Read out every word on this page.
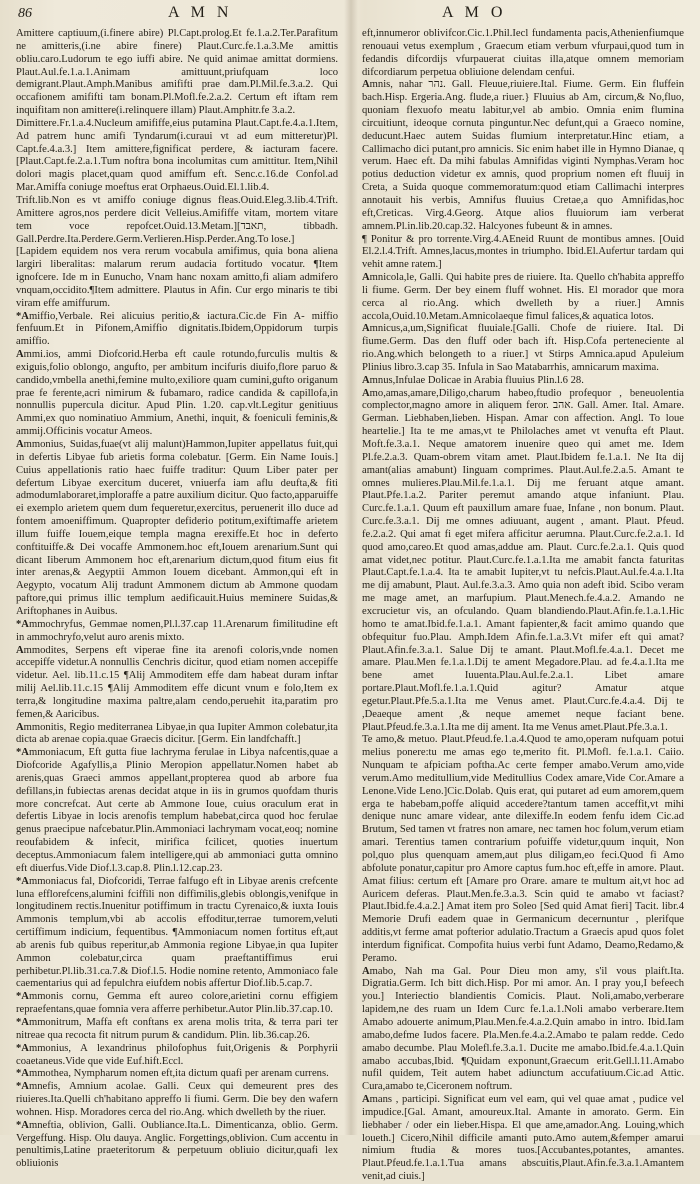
86	A M N	A M O

Amittere captiuum,(i.finere abire) Pl.Capt.prolog.Et fe.1.a.2.Ter.Parafitum ne amitteris,(i.ne abire finere) Plaut.Curc.fe.1.a.3.Me amittis obliu.caro.Ludorum te ego iuffi abire. Ne quid animae amittat dormiens. Plaut.Aul.fe.1.a.1.Animam amittuunt,priufquam loco demigrant.Plaut.Amph.Manibus amififti prae dam.Pl.Mil.fe.3.a.2. Qui occafionem amififti tam bonam.Pl.Mofl.fe.2.a.2. Certum eft iftam rem inquifitam non amittere(i.relinquere illam) Plaut.Amphitr.fe 3.a.2.

Dimittere.Fr.1.a.4.Nucleum amififfe,eius putamina Plaut.Capt.fe.4.a.1.Item, Ad patrem hunc amifi Tyndarum(i.curaui vt ad eum mitteretur)Pl. Capt.fe.4.a.3.] Item amittere,fignificat perdere, & iacturam facere. [Plaut.Capt.fe.2.a.1.Tum noftra bona incolumitas cum amittitur. Item,Nihil dolori magis placet,quam quod amiffum eft. Senc.c.16.de Confol.ad Mar.Amiffa coniuge moeftus erat Orphaeus.Ouid.El.1.lib.4.

Trift.lib.Non es vt amiffo coniuge dignus fleas.Ouid.Eleg.3.lib.4.Trift. Amittere agros,nos perdere dicit Velleius.Amififfe vitam, mortem vitare tem voce repofcet.Ouid.13.Metam.][תאבד, tibbadh. Gall.Perdre.Ita.Perdere.Germ.Verlieren.Hisp.Perder.Ang.To lose.]

[Lapidem equidem nos vera rerum vocabula amifimus, quia bona aliena largiri liberalitas: malarum rerum audacia fortitudo vocatur. ¶Item ignofcere. Ide m in Eunucho, Vnam hanc noxam amitto,fi aliam admifero vnquam,occidito.¶Item admittere. Plautus in Afin. Cur ergo minaris te tibi viram effe amiffurum.

*Amiffio,Verbale. Rei alicuius peritio,& iactura.Cic.de Fin A- miffio fenfuum.Et in Pifonem,Amiffio dignitatis.Ibidem,Oppidorum turpis amiffio.

Ammi.ios, ammi Diofcorid.Herba eft caule rotundo,furculis multis & exiguis,folio oblongo, angufto, per ambitum incifuris diuifo,flore paruo & candido,vmbella anethi,femine multo,exiliore quam cumini,gufto origanum prae fe ferente,acri nimirum & fubamaro, radice candida & capillofa,in nonnullis pupercula dicitur. Apud Plin. 1.20. cap.vlt.Legitur genitiuus Ammi,ex quo nominatiuo Ammium, Anethi, inquit, & foeniculi feminis,& ammij.Officinis vocatur Ameos.

Ammonius, Suidas,fuae(vt alij malunt)Hammon,Iupiter appellatus fuit,qui in defertis Libyae fub arietis forma colebatur. [Germ. Ein Name Iouis.] Cuius appellationis ratio haec fuiffe traditur: Quum Liber pater per defertum Libyae exercitum duceret, vniuerfa iam aflu deufta,& fiti admodumlaboraret,imploraffe a patre auxilium dicitur. Quo facto,apparuiffe ei exemplo arietem quem dum fequeretur,exercitus, peruenerit illo duce ad fontem amoeniffimum. Quapropter defiderio potitum,exiftimaffe arietem illum fuiffe Iouem,eique templa magna erexiffe.Et hoc in deferto conftituiffe.& Dei vocaffe Ammonem.hoc eft,Iouem arenarium.Sunt qui dicant Iiberum Ammonem hoc eft,arenarium dictum,quod fitum eius fit inter arenas,& Aegyptii Ammon Iouem dicebant. Ammon,qui eft in Aegypto, vocatum Alij tradunt Ammonem dictum ab Ammone quodam paftore,qui primus illic templum aedificauit.Huius meminere Suidas,& Ariftophanes in Auibus.

*Ammochryfus, Gemmae nomen,Pl.l.37.cap 11.Arenarum fimilitudine eft in ammochryfo,velut auro arenis mixto.

Ammodites, Serpens eft viperae fine ita arenofi coloris,vnde nomen accepiffe videtur.A nonnullis Cenchris dicitur, quod etiam nomen accepiffe videtur. Ael. lib.11.c.15 ¶Alij Ammoditem effe dam habeat duram inftar milij Ael.lib.11.c.15 ¶Alij Ammoditem effe dicunt vnum e folo,Item ex terra,& longitudine maxima paltre,alam cendo,peruehit ita,paratim pro femen,& Aaricibus.

Ammonitis, Regio mediterranea Libyae,in qua Iupiter Ammon colebatur,ita dicta ab arenae copia.quae Graecis dicitur. [Germ. Ein landfchafft.]

*Ammoniacum, Eft gutta fiue lachryma ferulae in Libya nafcentis,quae a Diofcoride Agafyllis,a Plinio Meropion appellatur.Nomen habet ab arenis,quas Graeci ammos appellant,propterea quod ab arbore fua defillans,in fubiectas arenas decidat atque in iis in grumos quofdam thuris more concrefcat. Aut certe ab Ammone Ioue, cuius oraculum erat in defertis Libyae in locis arenofis templum habebat,circa quod hoc ferulae genus praecipue nafcebatur.Plin.Ammoniaci lachrymam vocat,eoq; nomine reoufabidem & infecit, mirifica fcilicet, quoties inuertum deceptus.Ammoniacum falem intelligere,qui ab ammoniaci gutta omnino eft diuerfus.Vide Diof.l.3.cap.8. Plin.l.12.cap.23.

*Ammoniacus fal, Diofcoridi, Terrae falfugo eft in Libyae arenis crefcente luna efflorefcens,alumini fciffili non diffimilis,glebis oblongis,venifque in longitudinem rectis.Inuenitur potiffimum in tractu Cyrenaico,& iuxta Iouis Ammonis templum,vbi ab accolis effoditur,terrae tumorem,veluti certiffimum indicium, fequentibus. ¶Ammoniacum nomen fortitus eft,aut ab arenis fub quibus reperitur,ab Ammonia regione Libyae,in qua Iupiter Ammon colebatur,circa quam praeftantiffimus erui perhibetur.Pl.lib.31.ca.7.& Diof.l.5. Hodie nomine retento, Ammoniaco fale caementarius qui ad fepulchra eiufdem nobis affertur Diof.lib.5.cap.7.

*Ammonis cornu, Gemma eft aureo colore,arietini cornu effigiem repraefentans,quae fomnia vera afferre perhibetur.Autor Plin.lib.37.cap.10.

*Ammonitrum, Maffa eft conftans ex arena molis trita, & terra pari ter nitreae qua recocta fit nitrum purum & candidum. Plin. lib.36.cap.26.

*Ammonius, A lexandrinus philofophus fuit,Origenis & Porphyrii coaetaneus.Vide que vide Euf.hift.Eccl.

*Ammothea, Nympharum nomen eft,ita dictum quafi per arenam currens.

*Amnefis, Amnium acolae. Galli. Ceux qui demeurent pres des riuieres.Ita.Quelli ch'habitano appreffo li fiumi. Germ. Die bey den wafern wohnen. Hisp. Moradores cerca del rio.Ang. which dwelleth by the riuer.

*Amneftia, oblivion, Galli. Oubliance.Ita.L. Dimenticanza, oblio. Germ. Vergeffung. Hisp. Olu dauya. Anglic. Forgettings,oblivion. Cum accentu in penultimis,Latine praeteritorum & perpetuum obliuio dicitur,quafi lex obliuionis

eft,innumeror oblivifcor.Cic.1.Phil.Iecl fundamenta pacis,Athenienfiumque renouaui vetus exemplum , Graecum etiam verbum vfurpaui,quod tum in fedandis difcordijs vfurpauerat ciuitas illa,atque omnem memoriam difcordiarum perpetua obliuione delendam cenfui.

Amnis, nahar נהר. Gall. Fleuue,riuiere.Ital. Fiume. Germ. Ein fluffein bach.Hisp. Ergeria.Ang. flude,a riuer.} Fluuius ab Am, circum,& No,fluo, quoniam flexuofo meatu labitur,vel ab ambio. Omnia enim flumina circuitiunt, ideoque cornuta pinguntur.Nec defunt,qui a Graeco nomine, deducunt.Haec autem Suidas flumium interpretatur.Hinc etiam, a Callimacho dici putant,pro amnicis. Sic enim habet ille in Hymno Dianae, q verum. Haec eft. Da mihi fabulas Amnifidas viginti Nymphas.Veram hoc potius deduction videtur ex amnis, quod proprium nomen eft fluuij in Creta, a Suida quoque commemoratum:quod etiam Callimachi interpres annotauit his verbis, Amnifus fluuius Cretae,a quo Amnifidas,hoc eft,Creticas. Virg.4.Georg. Atque alios fluuiorum iam verberat amnem.Pl.in.lib.20.cap.32. Halcyones fubeunt & in amnes.

¶ Ponitur & pro torrente.Virg.4.AEneid Ruunt de montibus amnes. [Ouid El.2.l.4.Trift. Amnes,lacus,montes in triumpho. Ibid.El.Aufertur tardam qui vehit amne ratem.]

Amnicola,le, Galli. Qui habite pres de riuiere. Ita. Quello ch'habita appreffo li fiume. Germ. Der bey einem fluff wohnet. His. El morador que mora cerca al rio.Ang. which dwelleth by a riuer.] Amnis accola,Ouid.10.Metam.Amnicolaeque fimul falices,& aquatica lotos.

Amnicus,a,um,Significat fluuiale.[Galli. Chofe de riuiere. Ital. Di fiume.Germ. Das den fluff oder bach ift. Hisp.Cofa perteneciente al rio.Ang.which belongeth to a riuer.] vt Stirps Amnica.apud Apuleium Plinius libro.3.cap 35. Infula in Sao Matabarrhis, amnicarum maxima.

Amnus,Infulae Dolicae in Arabia fluuius Plin.l.6 28.

Amo,amas,amare,Diligo,charum habeo,ftudio profequor , beneuolentia complector,magno amore in aliquem feror. אהב. Gall. Amer. Ital. Amare. German. Liebhaben,lieben. Hispan. Amar con affection. Angl. To loue heartelie.] Ita te me amas,vt te Philolaches amet vt venufta eft Plaut. Moft.fe.3.a.1. Neque amatorem inuenire queo qui amet me. Idem Pl.fe.2.a.3. Quam-obrem vitam amet. Plaut.Ibidem fe.1.a.1. Ne Ita dij amant(alias amabunt) Iinguam comprimes. Plaut.Aul.fe.2.a.5. Amant te omnes mulieres.Plau.Mil.fe.1.a.1. Dij me feruant atque amant. Plaut.Pfe.1.a.2. Pariter peremut amando atque infaniunt. Plau. Curc.fe.1.a.1. Quum eft pauxillum amare fuae, Infane , non bonum. Plaut. Curc.fe.3.a.1. Dij me omnes adiuuant, augent , amant. Plaut. Pfeud. fe.2.a.2. Qui amat fi eget mifera afficitur aerumna. Plaut.Curc.fe.2.a.1. Id quod amo,careo.Et quod amas,addue am. Plaut. Curc.fe.2.a.1. Quis quod amat videt,nec potitur. Plaut.Curc.fe.1.a.1.Ita me amabit fancta faturitas Plaut.Capt.fe.1.a.4. Ita te amabit Iupiter,vt tu nefcis.Plaut.Aul.fe.4.a.1.Ita me dij amabunt, Plaut. Aul.fe.3.a.3. Amo quia non adeft ibid. Scibo veram me mage amet, an marfupium. Plaut.Menech.fe.4.a.2. Amando ne excrucietur vis, an ofculando. Quam blandiendo.Plaut.Afin.fe.1.a.1.Hic homo te amat.Ibid.fe.1.a.1. Amant fapienter,& facit amimo quando que obfequitur fuo.Plau. Amph.Idem Afin.fe.1.a.3.Vt mifer eft qui amat? Plaut.Afin.fe.3.a.1. Salue Dij te amant. Plaut.Mofl.fe.4.a.1. Decet me amare. Plau.Men fe.1.a.1.Dij te ament Megadore.Plau. ad fe.4.a.1.Ita me bene amet Iuuenta.Plau.Aul.fe.2.a.1. Libet amare portare.Plaut.Mofl.fe.1.a.1.Quid agitur? Amatur atque egetur.Plaut.Pfe.5.a.1.Ita me Venus amet. Plaut.Curc.fe.4.a.4. Dij te ,Deaeque ament ,& neque amemet neque faciant bene. Plaut.Pfeud.fe.3.a.1.Ita me dij ament. Ita me Venus amet.Plaut.Pfe.3.a.1.

Te amo,& metuo. Plaut.Pfeud.fe.1.a.4.Quod te amo,operam nufquam potui melius ponere:tu me amas ego te,merito fit. Pl.Mofl. fe.1.a.1. Caiio. Nunquam te afpiciam poftha.Ac certe femper amabo.Verum amo,vide verum.Amo meditullium,vide Meditullius Codex amare,Vide Cor.Amare a Lenone.Vide Leno.]Cic.Dolab. Quis erat, qui putaret ad eum amorem,quem erga te habebam,poffe aliquid accedere?tantum tamen acceffit,vt mihi denique nunc amare videar, ante dilexiffe.In eodem fenfu idem Cic.ad Brutum, Sed tamen vt fratres non amare, nec tamen hoc folum,verum etiam amari. Terentius tamen contrarium pofuiffe videtur,quum inquit, Non pol,quo plus quenquam amem,aut plus diligam,eo feci.Quod fi Amo abfolute ponatur,capitur pro Amore captus fum.hoc eft,effe in amore. Plaut. Amat filius: certum eft [Amare pro Orare. amare te multum ait,vt hoc ad Auricem deferas. Plaut.Men.fe.3.a.3. Scin quid te amabo vt faciast? Plaut.Ibid.fe.4.a.2.] Amat item pro Soleo [Sed quid Amat fieri] Tacit. libr.4 Memorie Drufi eadem quae in Germanicum decernuntur , plerifque additis,vt ferme amat pofterior adulatio.Tractum a Graecis apud quos folet interdum fignificat. Compofita huius verbi funt Adamo, Deamo,Redamo,& Peramo.

Amabo, Nah ma Gal. Pour Dieu mon amy, s'il vous plaift.Ita. Digratia.Germ. Ich bitt dich.Hisp. Por mi amor. An. I pray you,I befeech you.] Interiectio blandientis Comicis. Plaut. Noli,amabo,verberare lapidem,ne des ruam un Idem Curc fe.1.a.1.Noli amabo verberare.Item Amabo adouerte animum,Plau.Men.fe.4.a.2.Quin amabo in intro. Ibid.Iam amabo,defme Iudos facere. Pla.Men.fe.4.a.2.Amabo te palam redde. Cedo amabo decumbe. Plau Molefl.fe.3.a.1. Ducite me amabo.Ibid.fe.4.a.1.Quin amabo accubas,Ibid. ¶Quidam exponunt,Graecum erit.Gell.l.11.Amabo nufil quidem, Teit autem habet adiunctum accufatiuum.Cic.ad Attic. Cura,amabo te,Ciceronem noftrum.

Amans , participi. Significat eum vel eam, qui vel quae amat , pudice vel impudice.[Gal. Amant, amoureux.Ital. Amante in amorato. Germ. Ein liebhaber / oder ein lieber.Hispa. El que ame,amador.Ang. Louing,which loueth.] Cicero,Nihil difficile amanti puto.Amo autem,&femper amarui nimium ftudia & mores tuos.[Accubantes,potantes, amantes. Plaut.Pfeud.fe.1.a.1.Tua amans abscuitis,Plaut.Afin.fe.3.a.1.Amantem venit,ad ciuis.]
